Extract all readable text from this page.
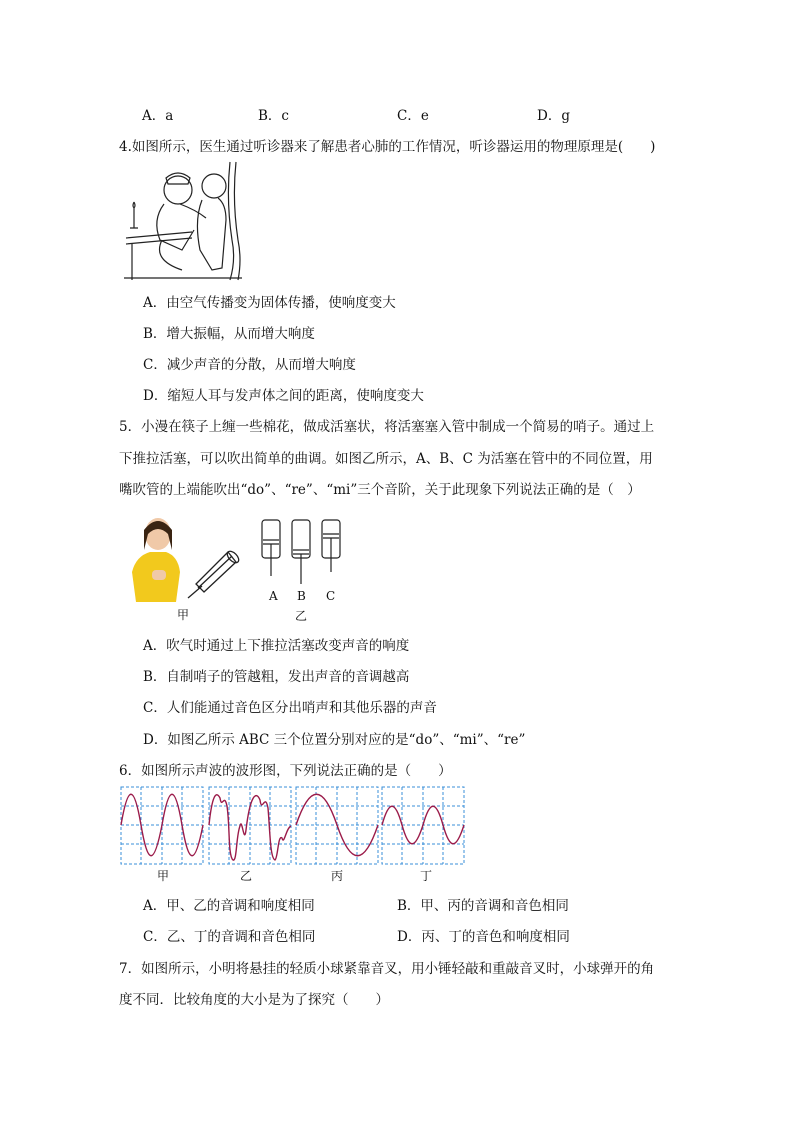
A．a	B．c	C．e	D．g
4.如图所示，医生通过听诊器来了解患者心肺的工作情况，听诊器运用的物理原理是(　　)
A．由空气传播变为固体传播，使响度变大
B．增大振幅，从而增大响度
C．减少声音的分散，从而增大响度
D．缩短人耳与发声体之间的距离，使响度变大
5．小漫在筷子上缠一些棉花，做成活塞状，将活塞塞入管中制成一个简易的哨子。通过上
下推拉活塞，可以吹出简单的曲调。如图乙所示，A、B、C 为活塞在管中的不同位置，用
嘴吹管的上端能吹出“do”、“re”、“mi”三个音阶，关于此现象下列说法正确的是（　）
A B C
甲	乙
A．吹气时通过上下推拉活塞改变声音的响度
B．自制哨子的管越粗，发出声音的音调越高
C．人们能通过音色区分出哨声和其他乐器的声音
D．如图乙所示 ABC 三个位置分别对应的是“do”、“mi”、“re”
6．如图所示声波的波形图，下列说法正确的是（　　）
甲	乙	丙	丁
A．甲、乙的音调和响度相同	B．甲、丙的音调和音色相同
C．乙、丁的音调和音色相同	D．丙、丁的音色和响度相同
7．如图所示，小明将悬挂的轻质小球紧靠音叉，用小锤轻敲和重敲音叉时，小球弹开的角
度不同．比较角度的大小是为了探究（　　）
